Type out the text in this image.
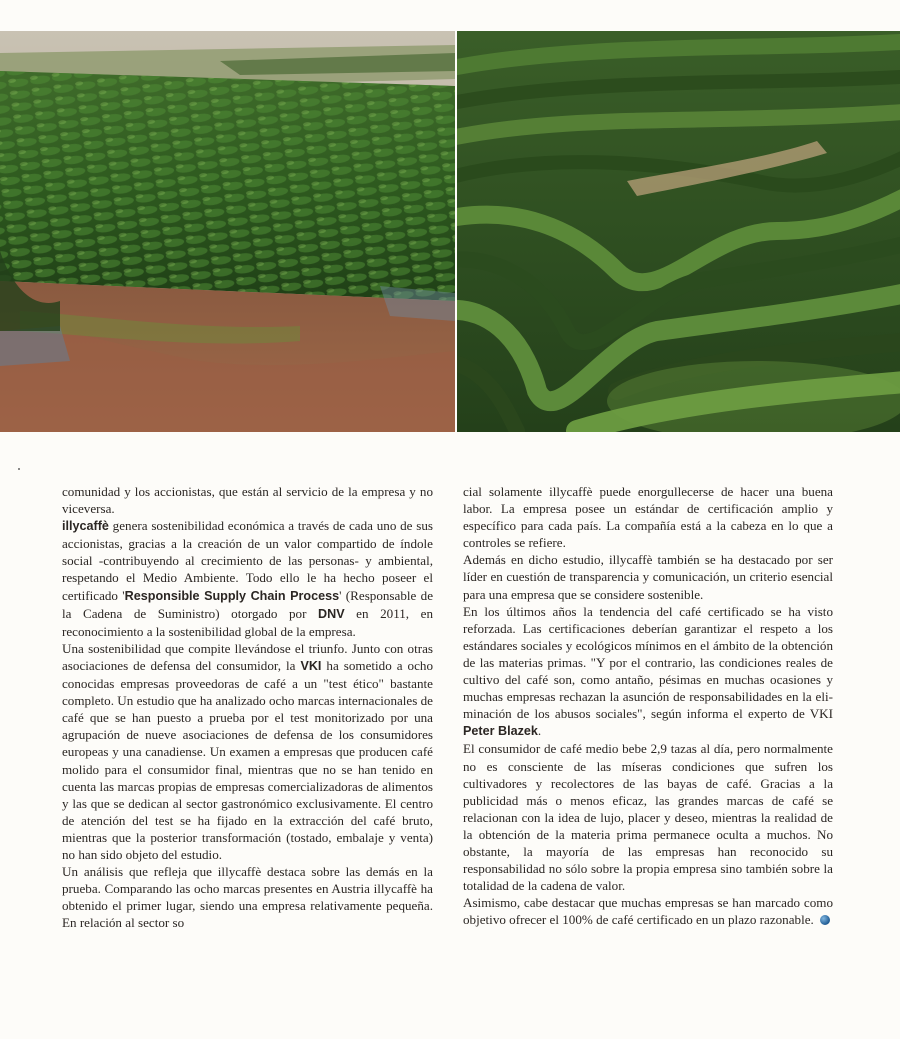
comunidad y los accionistas, que están al servicio de la empresa y no viceversa.

illycaffè genera sostenibilidad económica a través de cada uno de sus accionistas, gracias a la creación de un valor compartido de índole social -contribuyendo al crecimiento de las personas- y ambiental, respetando el Medio Ambiente. Todo ello le ha hecho poseer el certificado 'Responsible Supply Chain Process' (Responsable de la Cadena de Suministro) otorgado por DNV en 2011, en reconocimiento a la sostenibilidad global de la empresa.

Una sostenibilidad que compite llevándose el triunfo. Junto con otras asociaciones de defensa del consumidor, la VKI ha sometido a ocho conocidas empresas proveedoras de café a un "test ético" bastante completo. Un estudio que ha analizado ocho marcas internacionales de café que se han puesto a prueba por el test monitorizado por una agrupación de nueve asociaciones de defensa de los consumidores europeas y una canadiense. Un examen a empresas que producen café molido para el consumidor final, mientras que no se han tenido en cuenta las marcas propias de empresas comercializadoras de alimentos y las que se dedican al sector gastronómico exclusivamente. El centro de atención del test se ha fijado en la extracción del café bruto, mientras que la posterior transformación (tostado, embalaje y venta) no han sido objeto del estudio.

Un análisis que refleja que illycaffè destaca sobre las demás en la prueba. Comparando las ocho marcas presentes en Austria illycaffè ha obtenido el primer lugar, siendo una empresa relativamente pequeña. En relación al sector so

cial solamente illycaffè puede enorgullecerse de hacer una buena labor. La empresa posee un estándar de certificación amplio y específico para cada país. La compañía está a la cabeza en lo que a controles se refiere.

Además en dicho estudio, illycaffè también se ha destacado por ser líder en cuestión de transparencia y comunicación, un criterio esencial para una empresa que se considere sostenible.

En los últimos años la tendencia del café certificado se ha visto reforzada. Las certificaciones deberían garantizar el respeto a los estándares sociales y ecológicos mínimos en el ámbito de la obtención de las materias primas. "Y por el contrario, las condiciones reales de cultivo del café son, como antaño, pésimas en muchas ocasiones y muchas empresas rechazan la asunción de responsabilidades en la eliminación de los abusos sociales", según informa el experto de VKI Peter Blazek.

El consumidor de café medio bebe 2,9 tazas al día, pero normalmente no es consciente de las míseras condiciones que sufren los cultivadores y recolectores de las bayas de café. Gracias a la publicidad más o menos eficaz, las grandes marcas de café se relacionan con la idea de lujo, placer y deseo, mientras la realidad de la obtención de la materia prima permanece oculta a muchos. No obstante, la mayoría de las empresas han reconocido su responsabilidad no sólo sobre la propia empresa sino también sobre la totalidad de la cadena de valor.

Asimismo, cabe destacar que muchas empresas se han marcado como objetivo ofrecer el 100% de café certificado en un plazo razonable.
